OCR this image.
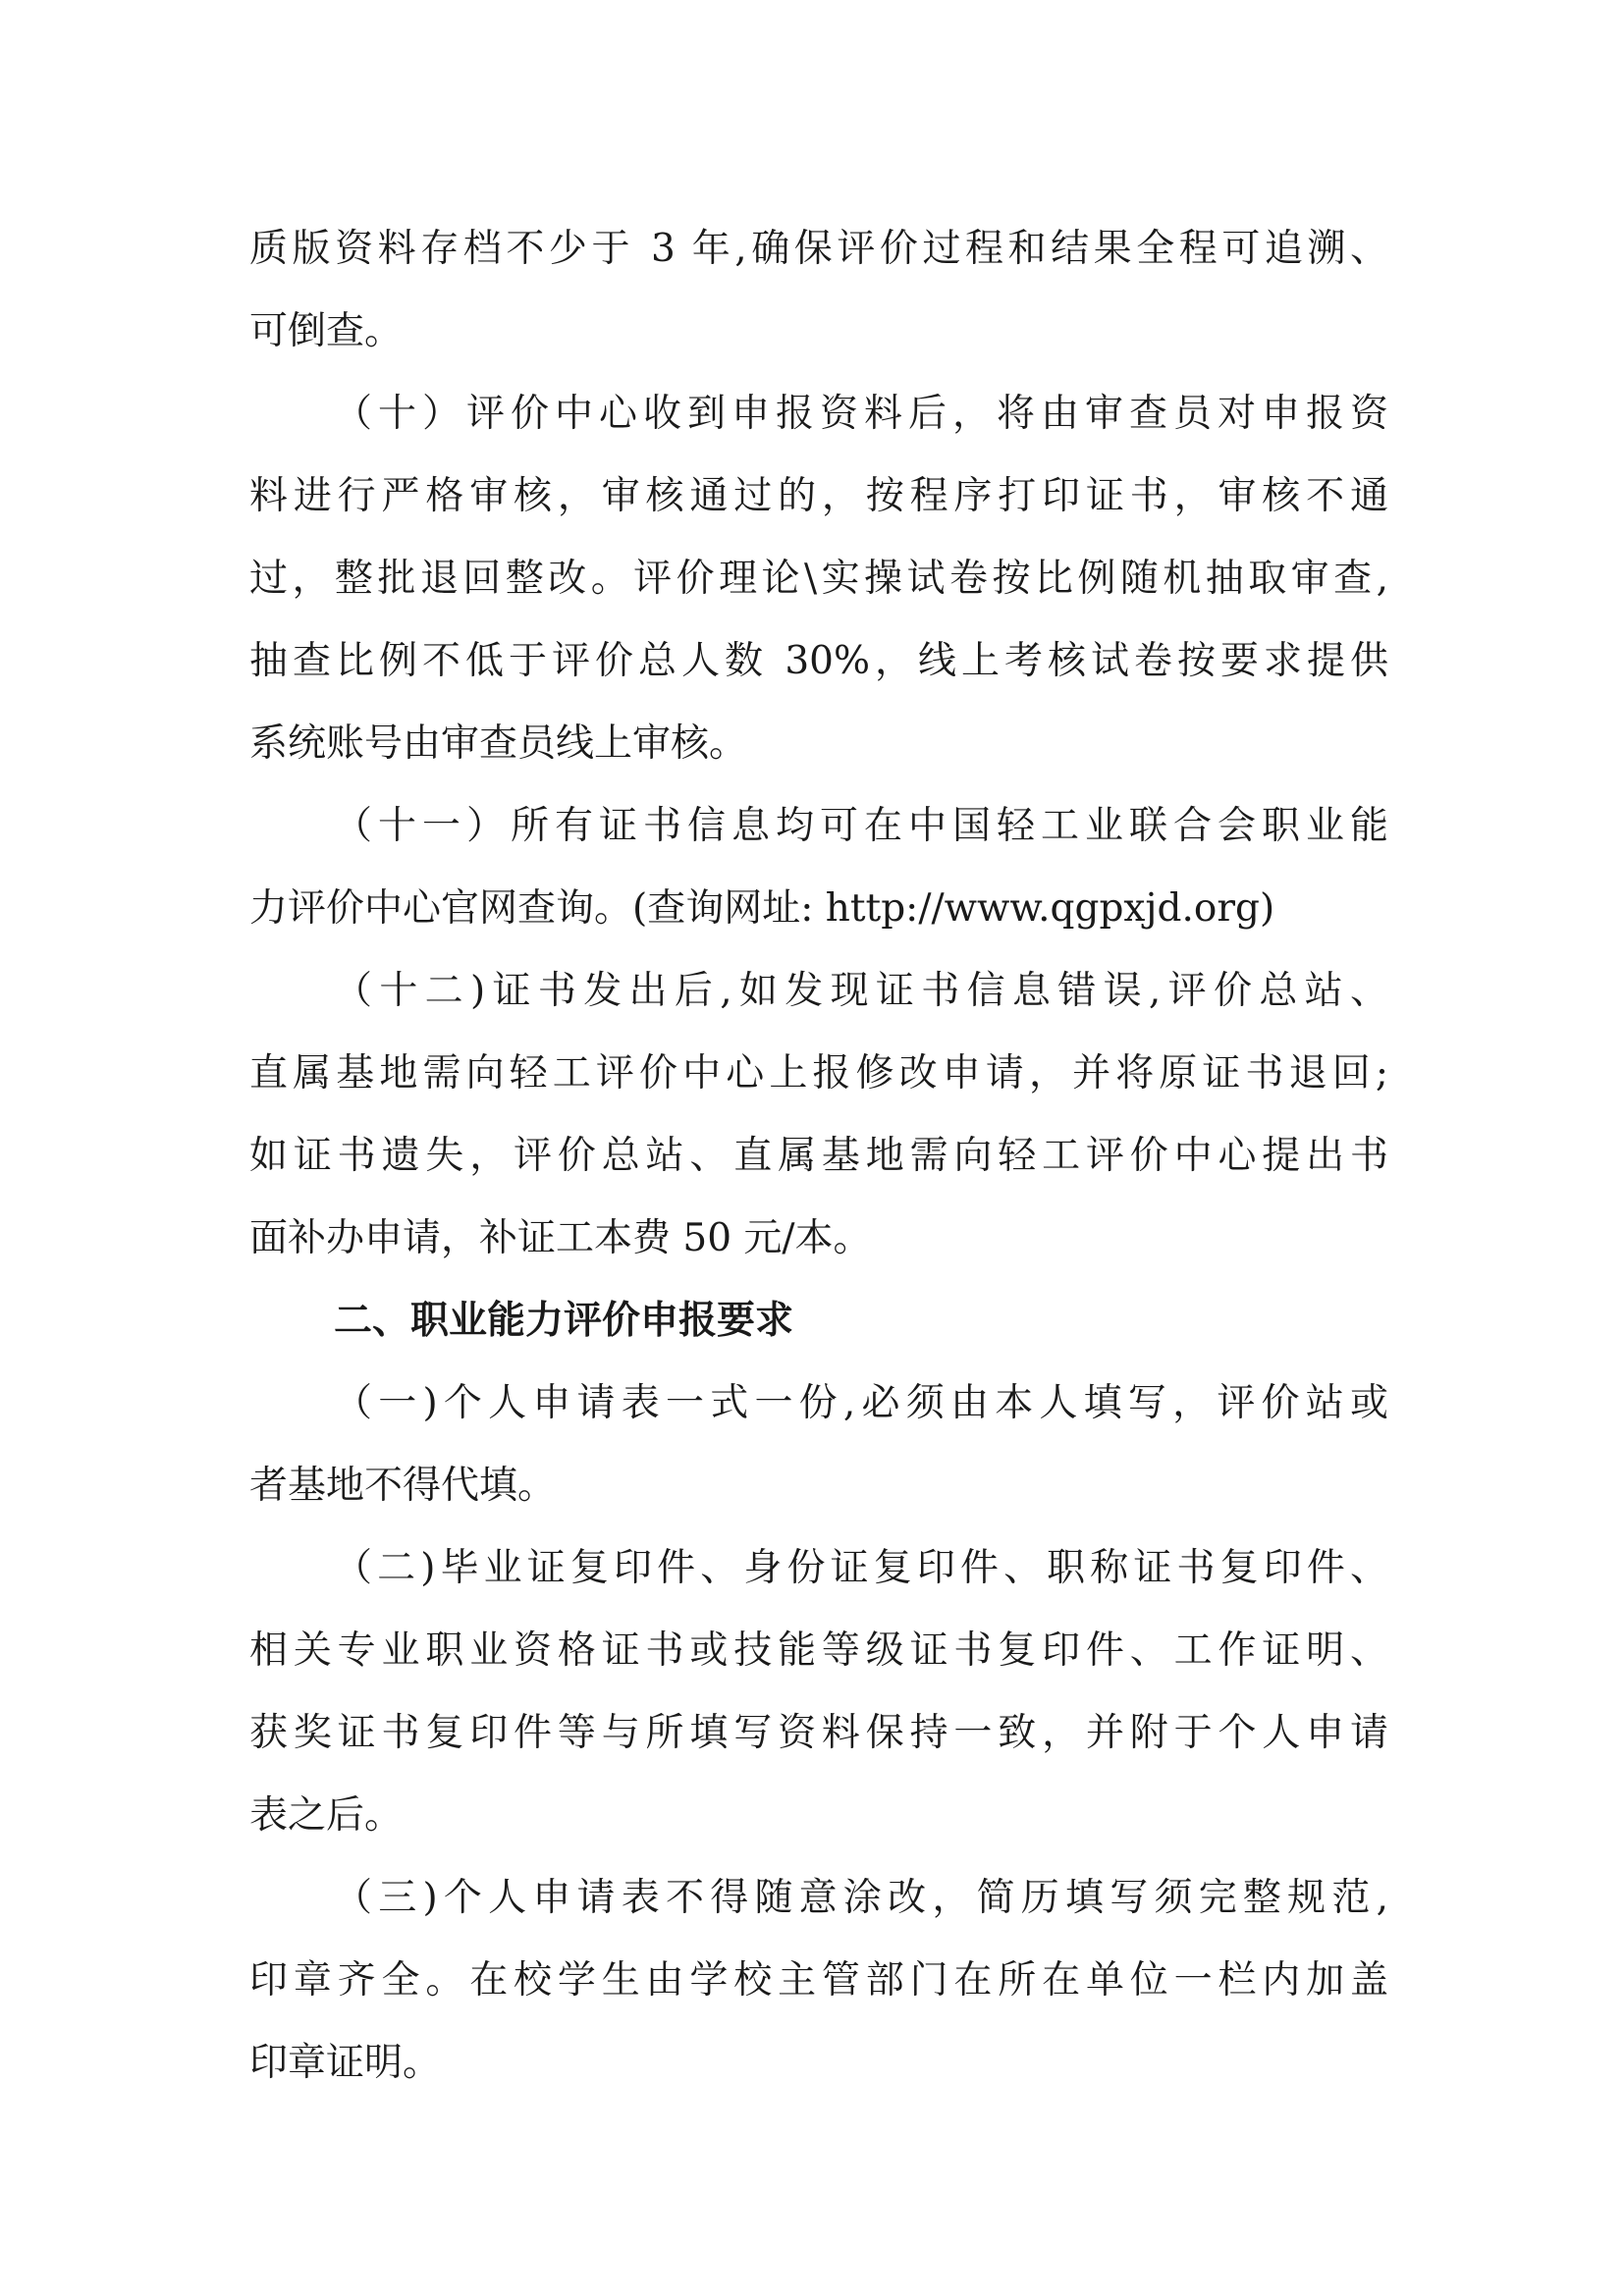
质版资料存档不少于 3 年,确保评价过程和结果全程可追溯、
可倒查。
（十）评价中心收到申报资料后，将由审查员对申报资
料进行严格审核，审核通过的，按程序打印证书，审核不通
过，整批退回整改。评价理论\实操试卷按比例随机抽取审查,
抽查比例不低于评价总人数 30%，线上考核试卷按要求提供
系统账号由审查员线上审核。
（十一）所有证书信息均可在中国轻工业联合会职业能
力评价中心官网查询。(查询网址: http://www.qgpxjd.org)
（十二)证书发出后,如发现证书信息错误,评价总站、
直属基地需向轻工评价中心上报修改申请，并将原证书退回;
如证书遗失，评价总站、直属基地需向轻工评价中心提出书
面补办申请，补证工本费 50 元/本。
二、职业能力评价申报要求
（一)个人申请表一式一份,必须由本人填写，评价站或
者基地不得代填。
（二)毕业证复印件、身份证复印件、职称证书复印件、
相关专业职业资格证书或技能等级证书复印件、工作证明、
获奖证书复印件等与所填写资料保持一致，并附于个人申请
表之后。
（三)个人申请表不得随意涂改，简历填写须完整规范,
印章齐全。在校学生由学校主管部门在所在单位一栏内加盖
印章证明。
